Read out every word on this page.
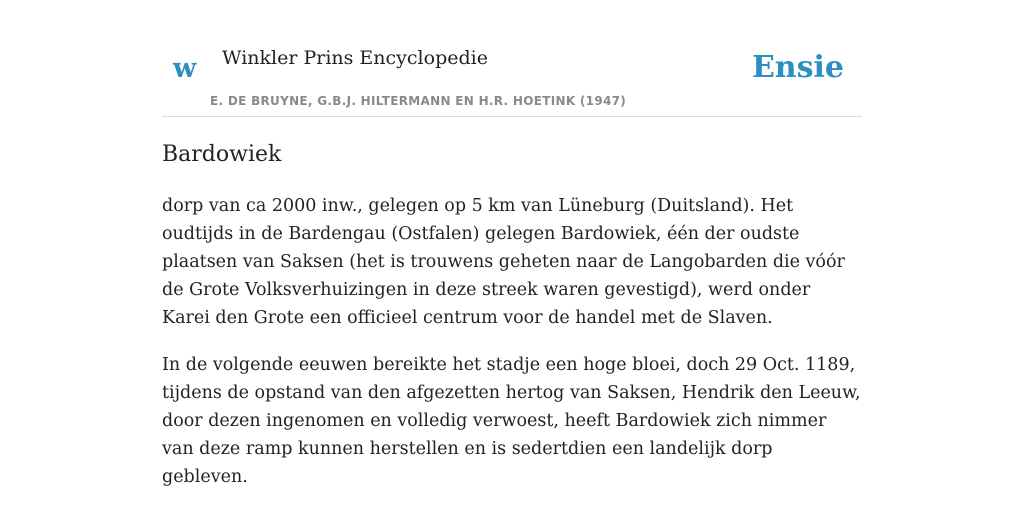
w Winkler Prins Encyclopedie
E. DE BRUYNE, G.B.J. HILTERMANN EN H.R. HOETINK (1947)
Ensie
Bardowiek

dorp van ca 2000 inw., gelegen op 5 km van Lüneburg (Duitsland). Het oudtijds in de Bardengau (Ostfalen) gelegen Bardowiek, één der oudste plaatsen van Saksen (het is trouwens geheten naar de Langobarden die vóór de Grote Volksverhuizingen in deze streek waren gevestigd), werd onder Karei den Grote een officieel centrum voor de handel met de Slaven.

In de volgende eeuwen bereikte het stadje een hoge bloei, doch 29 Oct. 1189, tijdens de opstand van den afgezetten hertog van Saksen, Hendrik den Leeuw, door dezen ingenomen en volledig verwoest, heeft Bardowiek zich nimmer van deze ramp kunnen herstellen en is sedertdien een landelijk dorp gebleven.
